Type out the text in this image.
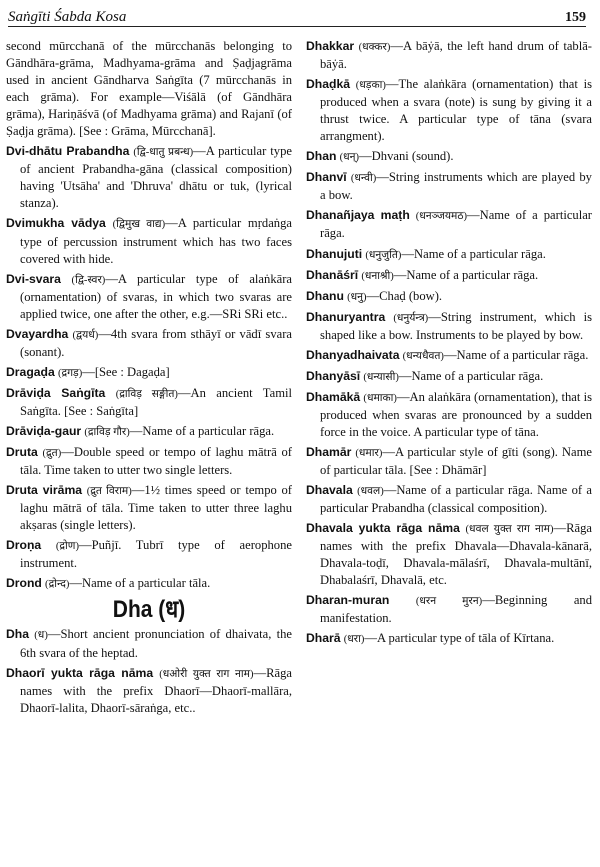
Saṅgīti Śabda Kosa	159
second mūrcchanā of the mūrcchanās belonging to Gāndhāra-grāma, Madhyama-grāma and Ṣaḍjagrāma used in ancient Gāndharva Saṅgīta (7 mūrcchanās in each grāma). For example—Viśālā (of Gāndhāra grāma), Hariṇāśvā (of Madhyama grāma) and Rajanī (of Ṣaḍja grāma). [See : Grāma, Mūrcchanā].
Dvi-dhātu Prabandha (द्वि-धातु प्रबन्ध)—A particular type of ancient Prabandha-gāna (classical composition) having 'Utsāha' and 'Dhruva' dhātu or tuk, (lyrical stanza).
Dvimukha vādya (द्विमुख वाद्य)—A particular mṛdaṅga type of percussion instrument which has two faces covered with hide.
Dvi-svara (द्वि-स्वर)—A particular type of alaṅkāra (ornamentation) of svaras, in which two svaras are applied twice, one after the other, e.g.—SRi SRi etc..
Dvayardha (द्वयर्ध)—4th svara from sthāyī or vādī svara (sonant).
Dragaḍa (द्रगड़)—[See : Dagaḍa]
Drāviḍa Saṅgīta (द्राविड़ सङ्गीत)—An ancient Tamil Saṅgīta. [See : Saṅgīta]
Drāviḍa-gaur (द्राविड़ गौर)—Name of a particular rāga.
Druta (द्रुत)—Double speed or tempo of laghu mātrā of tāla. Time taken to utter two single letters.
Druta virāma (द्रुत विराम)—1½ times speed or tempo of laghu mātrā of tāla. Time taken to utter three laghu akṣaras (single letters).
Droṇa (द्रोण)—Puñjī. Tubrī type of aerophone instrument.
Drond (द्रोन्द)—Name of a particular tāla.
Dha (ध)
Dha (ध)—Short ancient pronunciation of dhaivata, the 6th svara of the heptad.
Dhaorī yukta rāga nāma (धओरी युक्त राग नाम)—Rāga names with the prefix Dhaorī—Dhaorī-mallāra, Dhaorī-lalita, Dhaorī-sāraṅga, etc..
Dhakkar (धक्कर)—A bāẏā, the left hand drum of tablā-bāẏā.
Dhaḍkā (धड़का)—The alaṅkāra (ornamentation) that is produced when a svara (note) is sung by giving it a thrust twice. A particular type of tāna (svara arrangment).
Dhan (धन्)—Dhvani (sound).
Dhanvī (धन्वी)—String instruments which are played by a bow.
Dhanañjaya maṭh (धनञ्जयमठ)—Name of a particular rāga.
Dhanujuti (धनुजुति)—Name of a particular rāga.
Dhanāśrī (धनाश्री)—Name of a particular rāga.
Dhanu (धनु)—Chaḍ (bow).
Dhanuryantra (धनुर्यन्त्र)—String instrument, which is shaped like a bow. Instruments to be played by bow.
Dhanyadhaivata (धन्यधैवत)—Name of a particular rāga.
Dhanyāsī (धन्यासी)—Name of a particular rāga.
Dhamākā (धमाका)—An alaṅkāra (ornamentation), that is produced when svaras are pronounced by a sudden force in the voice. A particular type of tāna.
Dhamār (धमार)—A particular style of gīti (song). Name of particular tāla. [See : Dhāmār]
Dhavala (धवल)—Name of a particular rāga. Name of a particular Prabandha (classical composition).
Dhavala yukta rāga nāma (धवल युक्त राग नाम)—Rāga names with the prefix Dhavala—Dhavala-kānarā, Dhavala-toḍī, Dhavala-mālaśrī, Dhavala-multānī, Dhabalaśrī, Dhavalā, etc.
Dharan-muran	(धरन मुरन)—Beginning and manifestation.
Dharā (धरा)—A particular type of tāla of Kīrtana.
